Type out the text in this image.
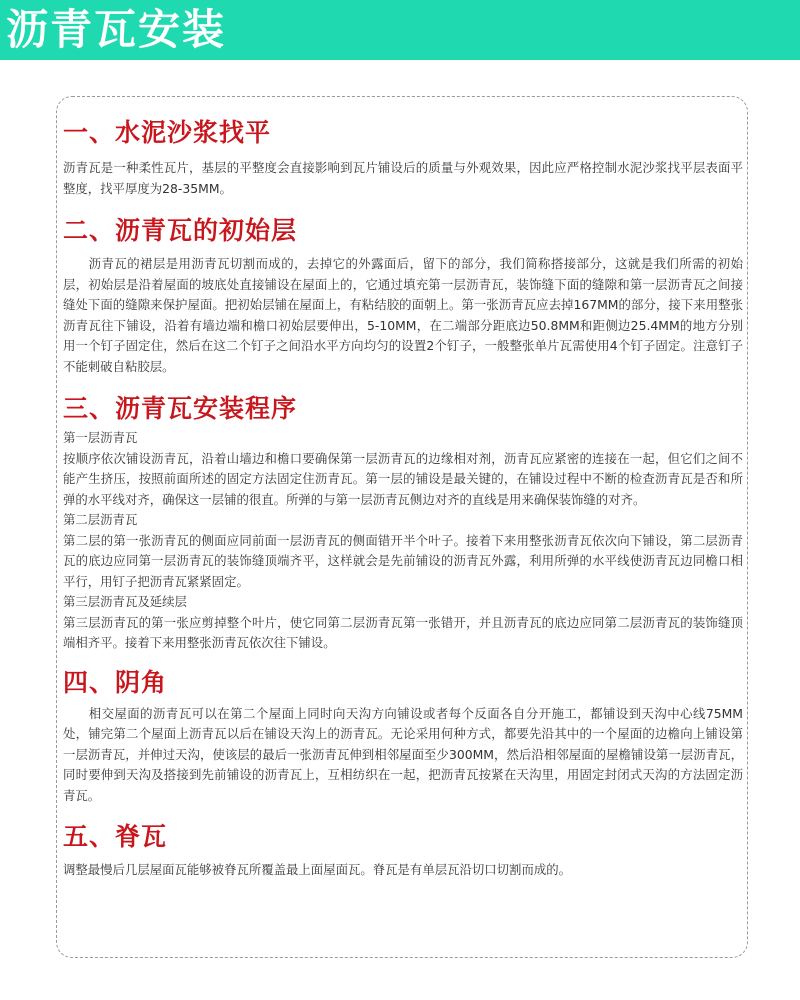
沥青瓦安装
一、水泥沙浆找平

沥青瓦是一种柔性瓦片，基层的平整度会直接影响到瓦片铺设后的质量与外观效果，因此应严格控制水泥沙浆找平层表面平整度，找平厚度为28-35MM。

二、沥青瓦的初始层

　　沥青瓦的裙层是用沥青瓦切割而成的，去掉它的外露面后，留下的部分，我们简称搭接部分，这就是我们所需的初始层，初始层是沿着屋面的坡底处直接铺设在屋面上的，它通过填充第一层沥青瓦，装饰缝下面的缝隙和第一层沥青瓦之间接缝处下面的缝隙来保护屋面。把初始层铺在屋面上，有粘结胶的面朝上。第一张沥青瓦应去掉167MM的部分，接下来用整张沥青瓦往下铺设，沿着有墙边端和檐口初始层要伸出，5-10MM，在二端部分距底边50.8MM和距侧边25.4MM的地方分别用一个钉子固定住，然后在这二个钉子之间沿水平方向均匀的设置2个钉子，一般整张单片瓦需使用4个钉子固定。注意钉子不能刺破自粘胶层。

三、沥青瓦安装程序

第一层沥青瓦

按顺序依次铺设沥青瓦，沿着山墙边和檐口要确保第一层沥青瓦的边缘相对剂，沥青瓦应紧密的连接在一起，但它们之间不能产生挤压，按照前面所述的固定方法固定住沥青瓦。第一层的铺设是最关键的，在铺设过程中不断的检查沥青瓦是否和所弹的水平线对齐，确保这一层铺的很直。所弹的与第一层沥青瓦侧边对齐的直线是用来确保装饰缝的对齐。

第二层沥青瓦

第二层的第一张沥青瓦的侧面应同前面一层沥青瓦的侧面错开半个叶子。接着下来用整张沥青瓦依次向下铺设，第二层沥青瓦的底边应同第一层沥青瓦的装饰缝顶端齐平，这样就会是先前铺设的沥青瓦外露，利用所弹的水平线使沥青瓦边同檐口相平行，用钉子把沥青瓦紧紧固定。

第三层沥青瓦及延续层

第三层沥青瓦的第一张应剪掉整个叶片，使它同第二层沥青瓦第一张错开，并且沥青瓦的底边应同第二层沥青瓦的装饰缝顶端相齐平。接着下来用整张沥青瓦依次往下铺设。

四、阴角

　　相交屋面的沥青瓦可以在第二个屋面上同时向天沟方向铺设或者每个反面各自分开施工，都铺设到天沟中心线75MM处，铺完第二个屋面上沥青瓦以后在铺设天沟上的沥青瓦。无论采用何种方式，都要先沿其中的一个屋面的边檐向上铺设第一层沥青瓦，并伸过天沟，使该层的最后一张沥青瓦伸到相邻屋面至少300MM，然后沿相邻屋面的屋檐铺设第一层沥青瓦，同时要伸到天沟及搭接到先前铺设的沥青瓦上，互相纺织在一起，把沥青瓦按紧在天沟里，用固定封闭式天沟的方法固定沥青瓦。

五、脊瓦

调整最慢后几层屋面瓦能够被脊瓦所覆盖最上面屋面瓦。脊瓦是有单层瓦沿切口切割而成的。
